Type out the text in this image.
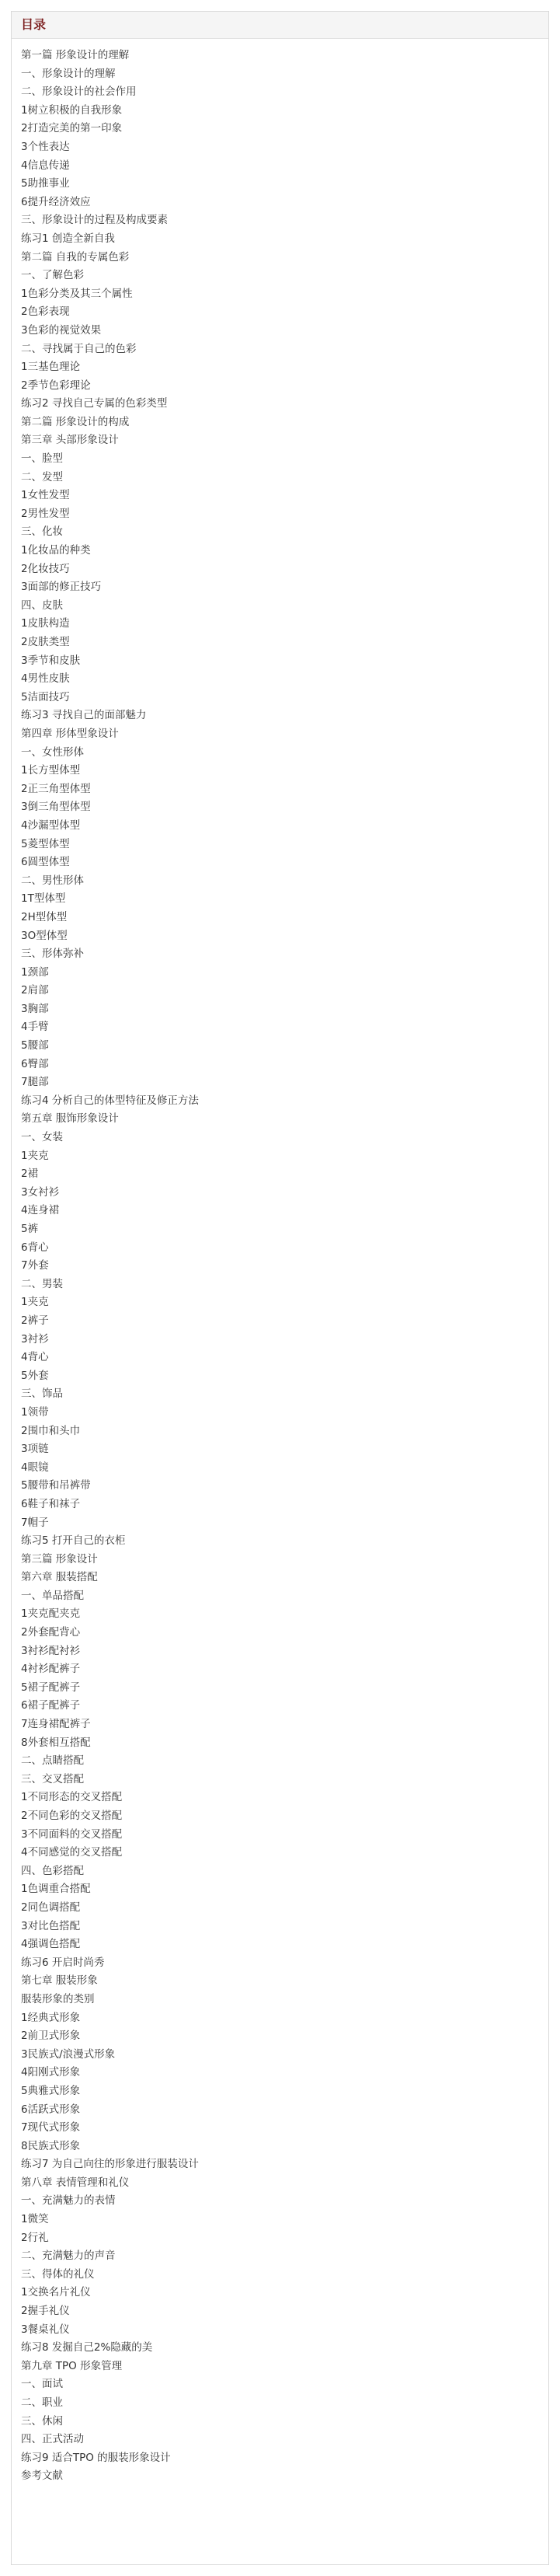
目录
第一篇 形象设计的理解
一、形象设计的理解
二、形象设计的社会作用
1树立积极的自我形象
2打造完美的第一印象
3个性表达
4信息传递
5助推事业
6提升经济效应
三、形象设计的过程及构成要素
练习1 创造全新自我
第二篇 自我的专属色彩
一、了解色彩
1色彩分类及其三个属性
2色彩表现
3色彩的视觉效果
二、寻找属于自己的色彩
1三基色理论
2季节色彩理论
练习2 寻找自己专属的色彩类型
第二篇 形象设计的构成
第三章 头部形象设计
一、脸型
二、发型
1女性发型
2男性发型
三、化妆
1化妆品的种类
2化妆技巧
3面部的修正技巧
四、皮肤
1皮肤构造
2皮肤类型
3季节和皮肤
4男性皮肤
5洁面技巧
练习3 寻找自己的面部魅力
第四章 形体型象设计
一、女性形体
1长方型体型
2正三角型体型
3倒三角型体型
4沙漏型体型
5菱型体型
6圆型体型
二、男性形体
1T型体型
2H型体型
3O型体型
三、形体弥补
1颈部
2肩部
3胸部
4手臂
5腰部
6臀部
7腿部
练习4 分析自己的体型特征及修正方法
第五章 服饰形象设计
一、女装
1夹克
2裙
3女衬衫
4连身裙
5裤
6背心
7外套
二、男装
1夹克
2裤子
3衬衫
4背心
5外套
三、饰品
1领带
2围巾和头巾
3项链
4眼镜
5腰带和吊裤带
6鞋子和袜子
7帽子
练习5 打开自己的衣柜
第三篇 形象设计
第六章 服装搭配
一、单品搭配
1夹克配夹克
2外套配背心
3衬衫配衬衫
4衬衫配裤子
5裙子配裤子
6裙子配裤子
7连身裙配裤子
8外套相互搭配
二、点睛搭配
三、交叉搭配
1不同形态的交叉搭配
2不同色彩的交叉搭配
3不同面料的交叉搭配
4不同感觉的交叉搭配
四、色彩搭配
1色调重合搭配
2同色调搭配
3对比色搭配
4强调色搭配
练习6 开启时尚秀
第七章 服装形象
服装形象的类别
1经典式形象
2前卫式形象
3民族式/浪漫式形象
4阳刚式形象
5典雅式形象
6活跃式形象
7现代式形象
8民族式形象
练习7 为自己向往的形象进行服装设计
第八章 表情管理和礼仪
一、充满魅力的表情
1微笑
2行礼
二、充满魅力的声音
三、得体的礼仪
1交换名片礼仪
2握手礼仪
3餐桌礼仪
练习8 发掘自己2%隐藏的美
第九章 TPO 形象管理
一、面试
二、职业
三、休闲
四、正式活动
练习9 适合TPO 的服装形象设计
参考文献
